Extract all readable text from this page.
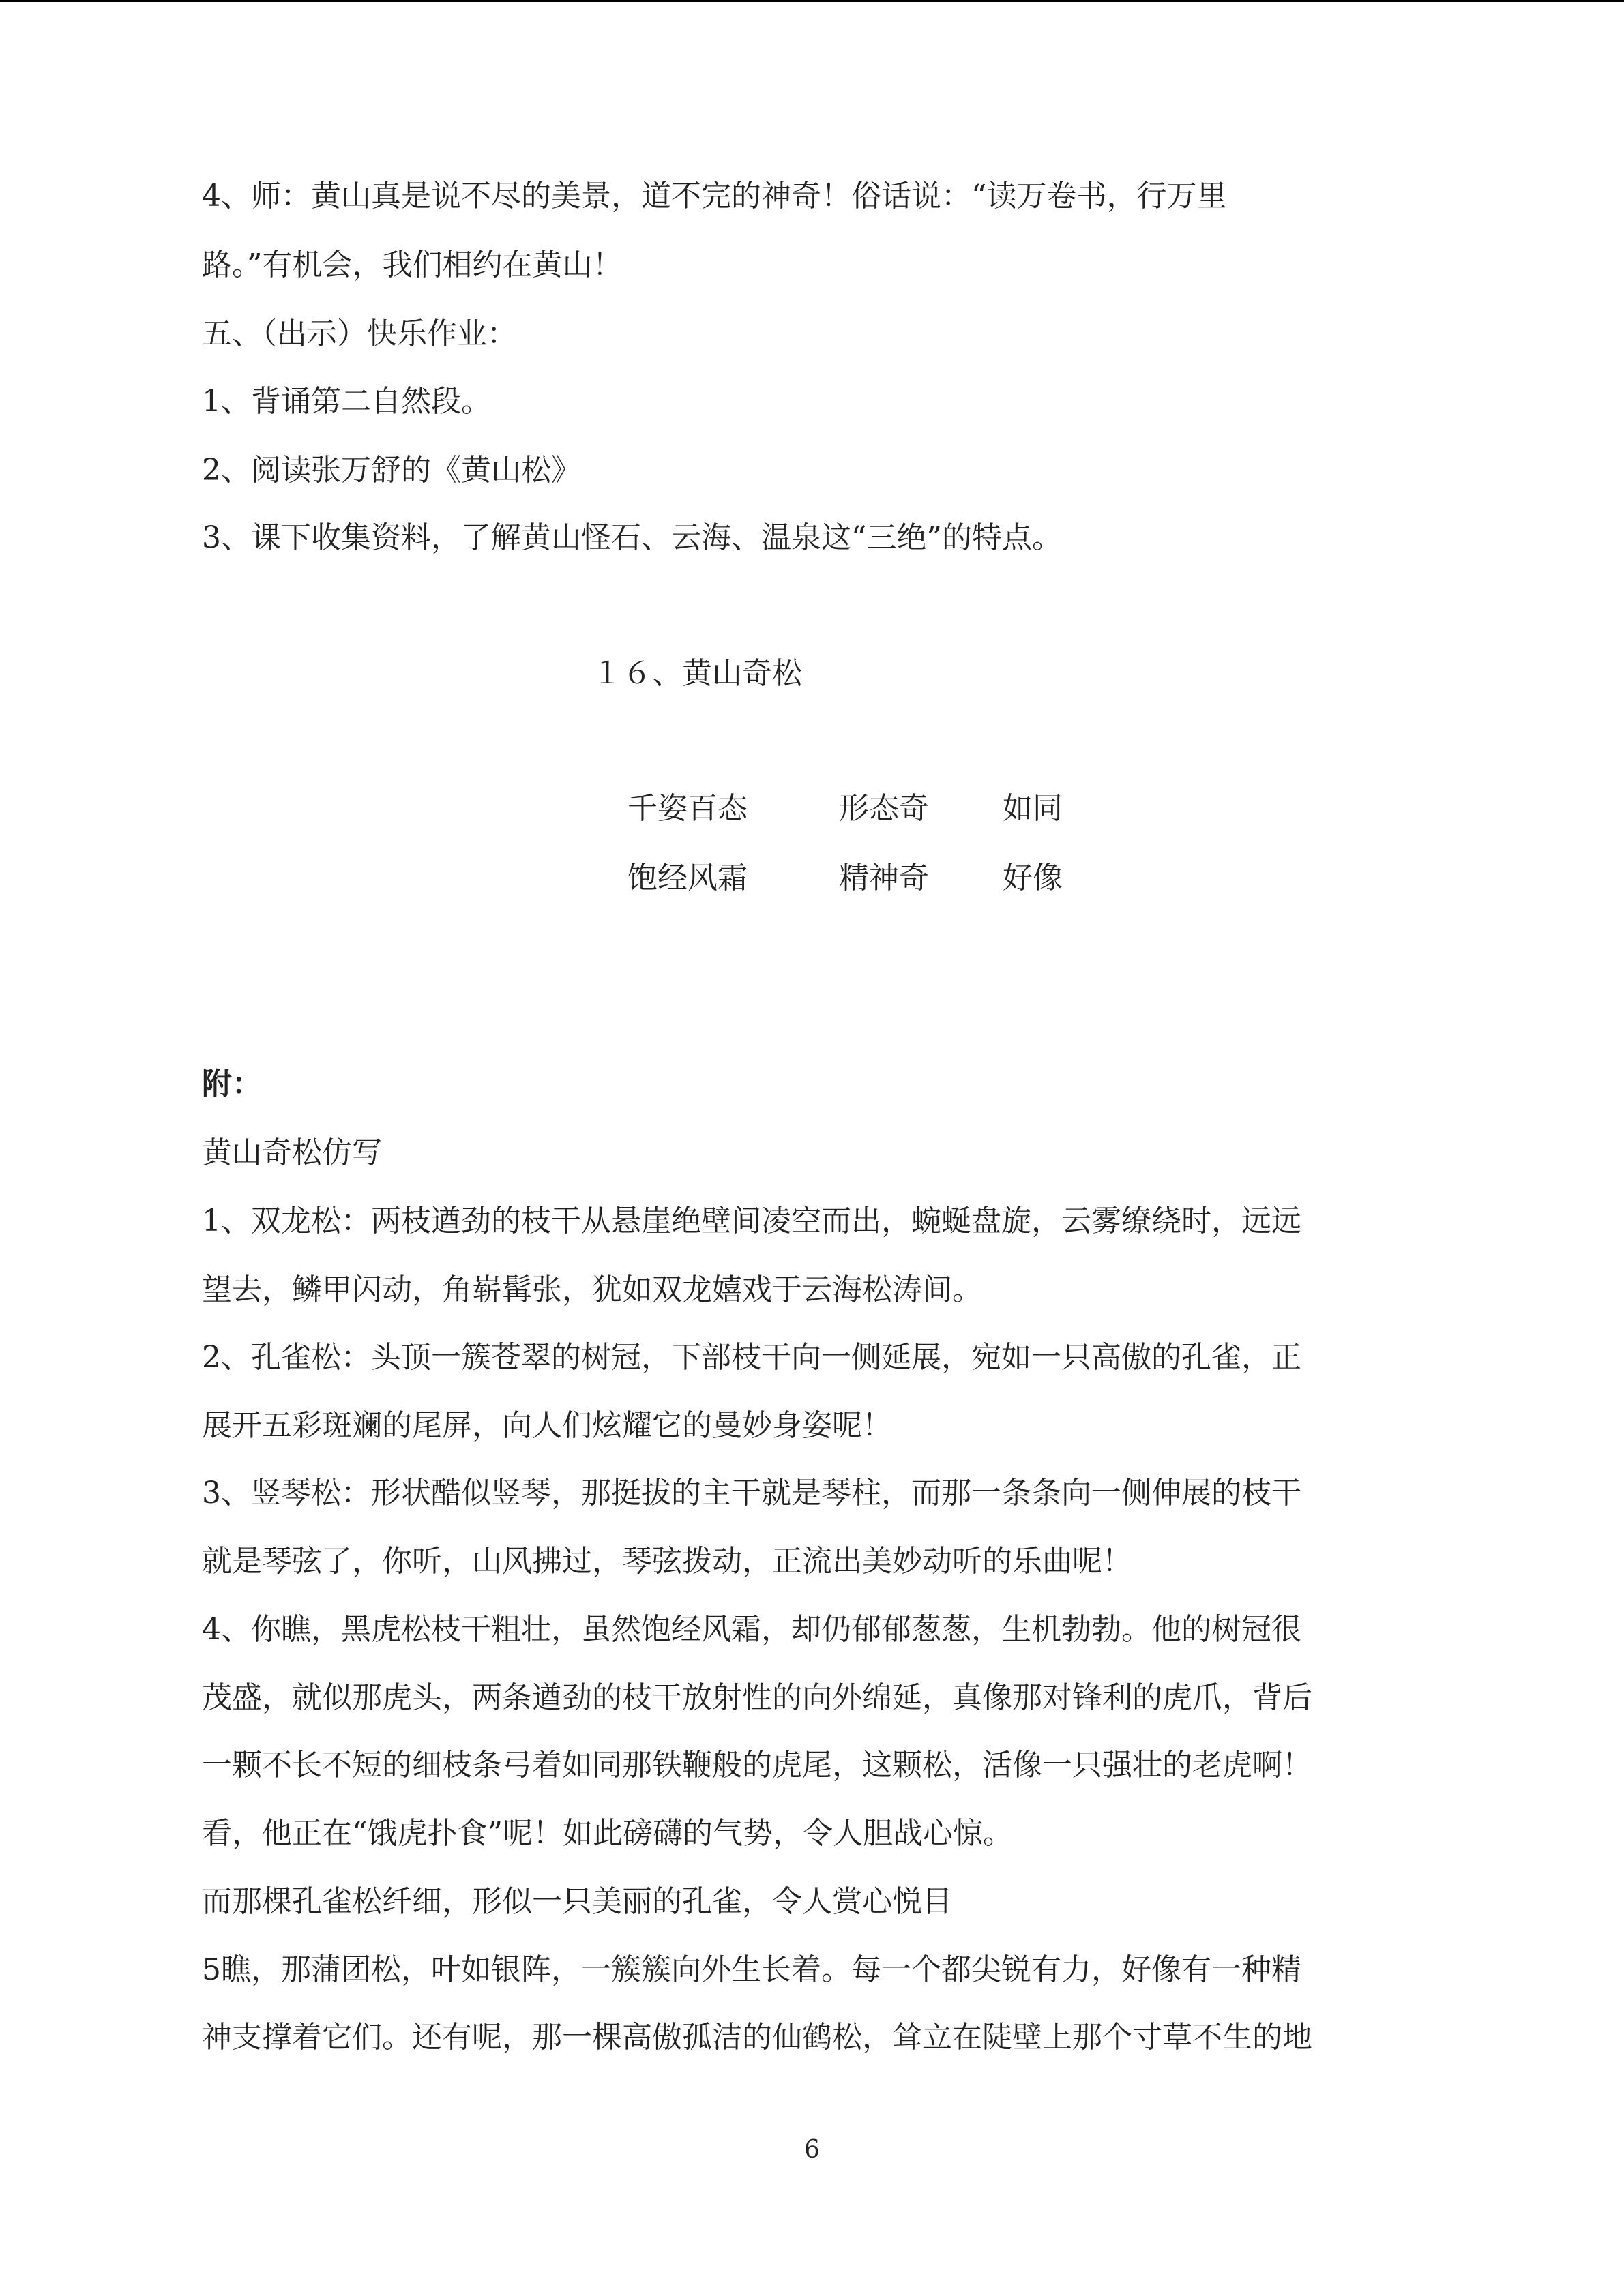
4、师：黄山真是说不尽的美景，道不完的神奇！俗话说：“读万卷书，行万里

路。”有机会，我们相约在黄山！

五、（出示）快乐作业：

1、背诵第二自然段。

2、阅读张万舒的《黄山松》

3、课下收集资料，了解黄山怪石、云海、温泉这“三绝”的特点。

１６、黄山奇松
千姿百态	形态奇 如同
饱经风霜	精神奇 好像

附：

黄山奇松仿写

1、双龙松：两枝遒劲的枝干从悬崖绝壁间凌空而出，蜿蜒盘旋，云雾缭绕时，远远

望去，鳞甲闪动，角崭髯张，犹如双龙嬉戏于云海松涛间。

2、孔雀松：头顶一簇苍翠的树冠，下部枝干向一侧延展，宛如一只高傲的孔雀，正

展开五彩斑斓的尾屏，向人们炫耀它的曼妙身姿呢！

3、竖琴松：形状酷似竖琴，那挺拔的主干就是琴柱，而那一条条向一侧伸展的枝干

就是琴弦了，你听，山风拂过，琴弦拨动，正流出美妙动听的乐曲呢！

4、你瞧，黑虎松枝干粗壮，虽然饱经风霜，却仍郁郁葱葱，生机勃勃。他的树冠很

茂盛，就似那虎头，两条遒劲的枝干放射性的向外绵延，真像那对锋利的虎爪，背后

一颗不长不短的细枝条弓着如同那铁鞭般的虎尾，这颗松，活像一只强壮的老虎啊！

看，他正在“饿虎扑食”呢！如此磅礴的气势，令人胆战心惊。

而那棵孔雀松纤细，形似一只美丽的孔雀，令人赏心悦目

5瞧，那蒲团松，叶如银阵，一簇簇向外生长着。每一个都尖锐有力，好像有一种精

神支撑着它们。还有呢，那一棵高傲孤洁的仙鹤松，耸立在陡壁上那个寸草不生的地

6
